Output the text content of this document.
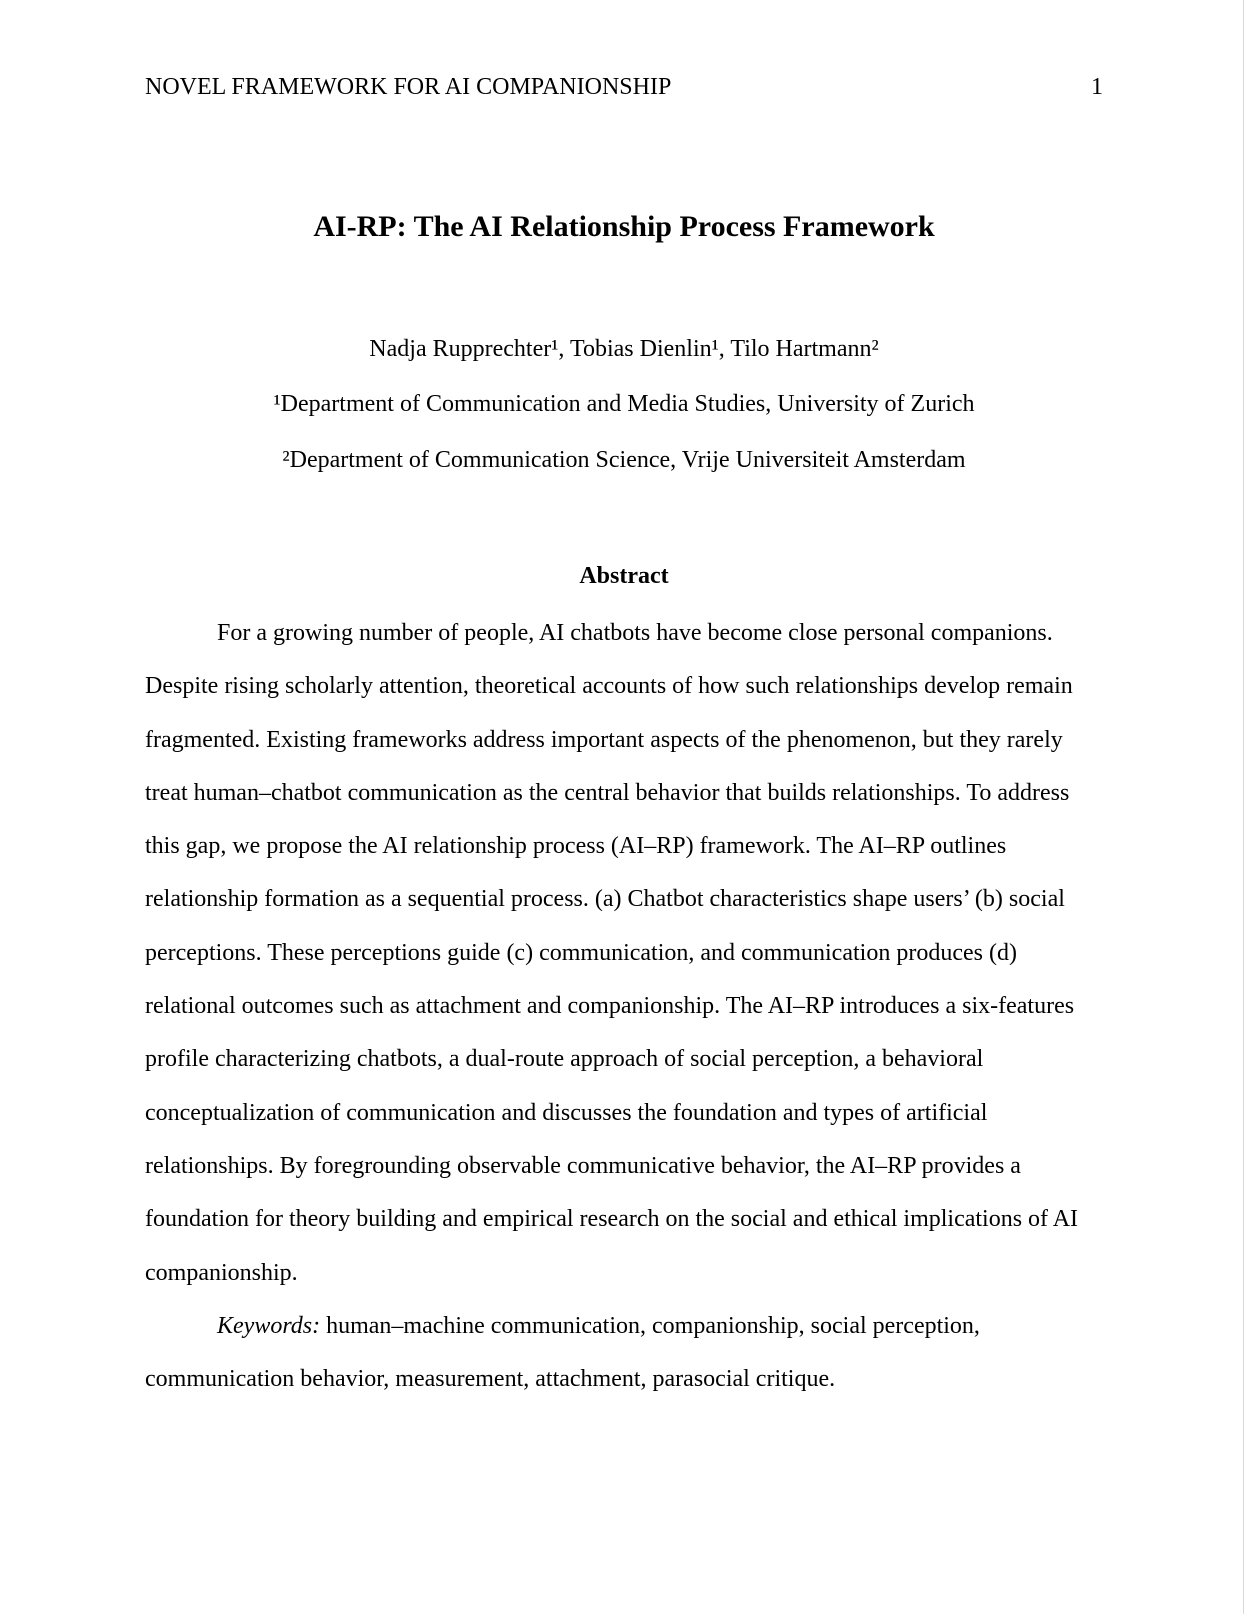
NOVEL FRAMEWORK FOR AI COMPANIONSHIP	1
AI-RP: The AI Relationship Process Framework
Nadja Rupprechter¹, Tobias Dienlin¹, Tilo Hartmann²
¹Department of Communication and Media Studies, University of Zurich
²Department of Communication Science, Vrije Universiteit Amsterdam
Abstract
For a growing number of people, AI chatbots have become close personal companions.
Despite rising scholarly attention, theoretical accounts of how such relationships develop remain
fragmented. Existing frameworks address important aspects of the phenomenon, but they rarely
treat human–chatbot communication as the central behavior that builds relationships. To address
this gap, we propose the AI relationship process (AI–RP) framework. The AI–RP outlines
relationship formation as a sequential process. (a) Chatbot characteristics shape users’ (b) social
perceptions. These perceptions guide (c) communication, and communication produces (d)
relational outcomes such as attachment and companionship. The AI–RP introduces a six-features
profile characterizing chatbots, a dual-route approach of social perception, a behavioral
conceptualization of communication and discusses the foundation and types of artificial
relationships. By foregrounding observable communicative behavior, the AI–RP provides a
foundation for theory building and empirical research on the social and ethical implications of AI
companionship.
Keywords: human–machine communication, companionship, social perception,
communication behavior, measurement, attachment, parasocial critique.
